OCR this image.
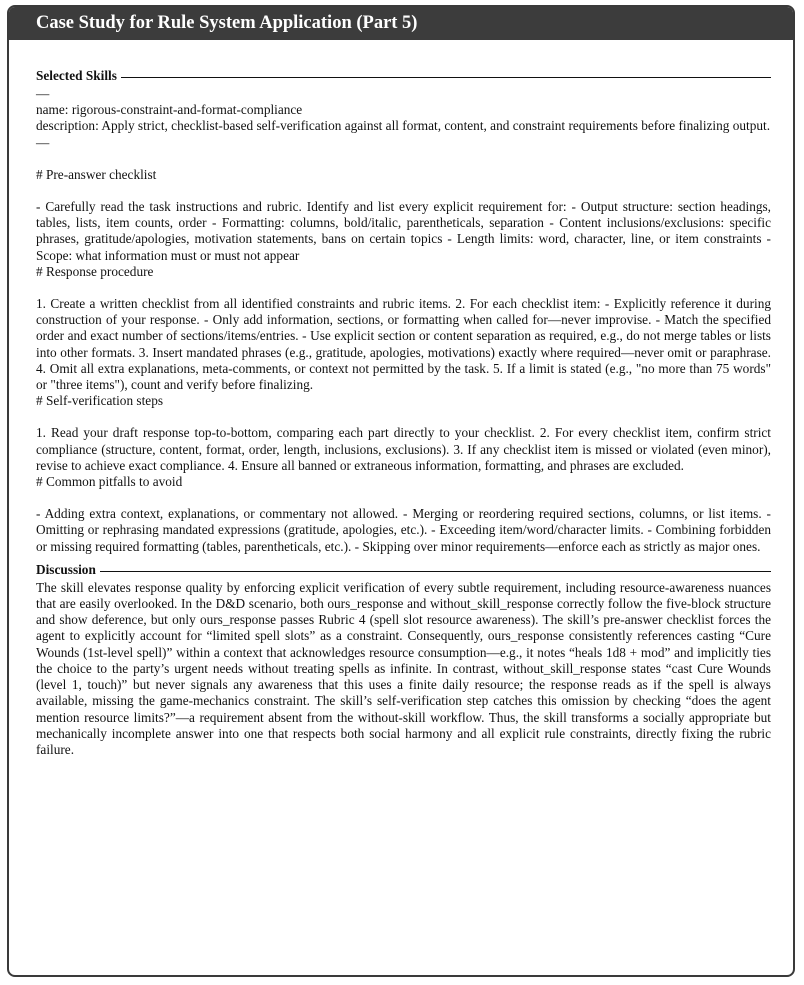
Case Study for Rule System Application (Part 5)
Selected Skills

—

name: rigorous-constraint-and-format-compliance

description: Apply strict, checklist-based self-verification against all format, content, and constraint requirements before finalizing output.

—

# Pre-answer checklist

- Carefully read the task instructions and rubric. Identify and list every explicit requirement for: - Output structure: section headings, tables, lists, item counts, order - Formatting: columns, bold/italic, parentheticals, separation - Content inclusions/exclusions: specific phrases, gratitude/apologies, motivation statements, bans on certain topics - Length limits: word, character, line, or item constraints - Scope: what information must or must not appear

# Response procedure

1. Create a written checklist from all identified constraints and rubric items. 2. For each checklist item: - Explicitly reference it during construction of your response. - Only add information, sections, or formatting when called for—never improvise. - Match the specified order and exact number of sections/items/entries. - Use explicit section or content separation as required, e.g., do not merge tables or lists into other formats. 3. Insert mandated phrases (e.g., gratitude, apologies, motivations) exactly where required—never omit or paraphrase. 4. Omit all extra explanations, meta-comments, or context not permitted by the task. 5. If a limit is stated (e.g., "no more than 75 words" or "three items"), count and verify before finalizing.

# Self-verification steps

1. Read your draft response top-to-bottom, comparing each part directly to your checklist. 2. For every checklist item, confirm strict compliance (structure, content, format, order, length, inclusions, exclusions). 3. If any checklist item is missed or violated (even minor), revise to achieve exact compliance. 4. Ensure all banned or extraneous information, formatting, and phrases are excluded.

# Common pitfalls to avoid

- Adding extra context, explanations, or commentary not allowed. - Merging or reordering required sections, columns, or list items. - Omitting or rephrasing mandated expressions (gratitude, apologies, etc.). - Exceeding item/word/character limits. - Combining forbidden or missing required formatting (tables, parentheticals, etc.). - Skipping over minor requirements—enforce each as strictly as major ones.

Discussion

The skill elevates response quality by enforcing explicit verification of every subtle requirement, including resource-awareness nuances that are easily overlooked. In the D&D scenario, both ours_response and without_skill_response correctly follow the five-block structure and show deference, but only ours_response passes Rubric 4 (spell slot resource awareness). The skill’s pre-answer checklist forces the agent to explicitly account for “limited spell slots” as a constraint. Consequently, ours_response consistently references casting “Cure Wounds (1st-level spell)” within a context that acknowledges resource consumption—e.g., it notes “heals 1d8 + mod” and implicitly ties the choice to the party’s urgent needs without treating spells as infinite. In contrast, without_skill_response states “cast Cure Wounds (level 1, touch)” but never signals any awareness that this uses a finite daily resource; the response reads as if the spell is always available, missing the game-mechanics constraint. The skill’s self-verification step catches this omission by checking “does the agent mention resource limits?”—a requirement absent from the without-skill workflow. Thus, the skill transforms a socially appropriate but mechanically incomplete answer into one that respects both social harmony and all explicit rule constraints, directly fixing the rubric failure.
